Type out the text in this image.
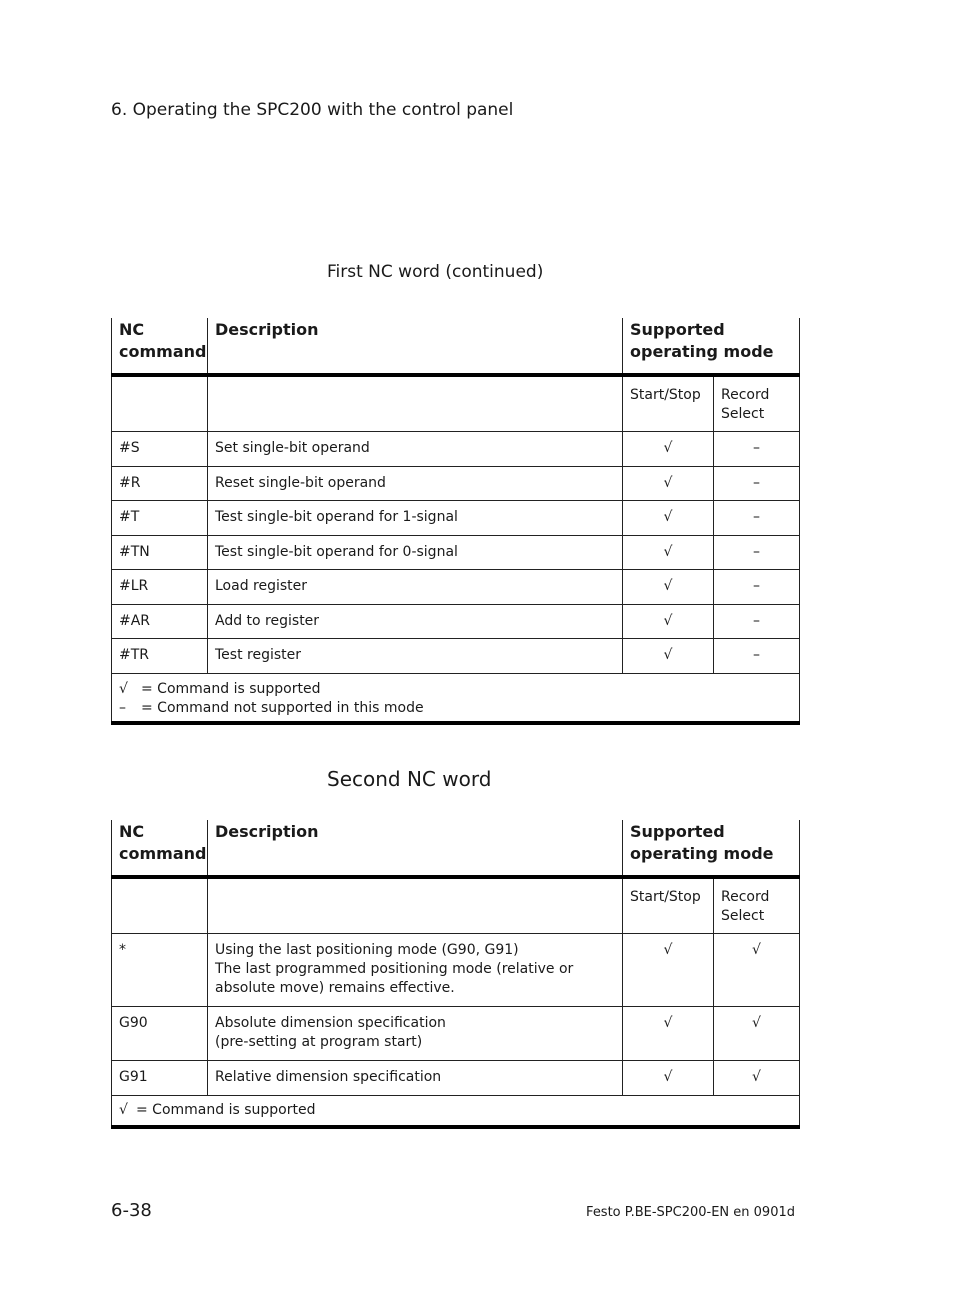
6. Operating the SPC200 with the control panel
First NC word (continued)
NC command	Description	Supported operating mode	
		Start/Stop	Record Select
#S	Set single-bit operand	√	–
#R	Reset single-bit operand	√	–
#T	Test single-bit operand for 1-signal	√	–
#TN	Test single-bit operand for 0-signal	√	–
#LR	Load register	√	–
#AR	Add to register	√	–
#TR	Test register	√	–

√ = Command is supported
– = Command not supported in this mode			
Second NC word
NC command	Description	Supported operating mode	
		Start/Stop	Record Select
*	Using the last positioning mode (G90, G91)
The last programmed positioning mode (relative or
absolute move) remains effective.	√	√
G90	Absolute dimension specification
(pre-setting at program start)	√	√
G91	Relative dimension specification	√	√

√ = Command is supported			
6-38	Festo P.BE-SPC200-EN en 0901d
